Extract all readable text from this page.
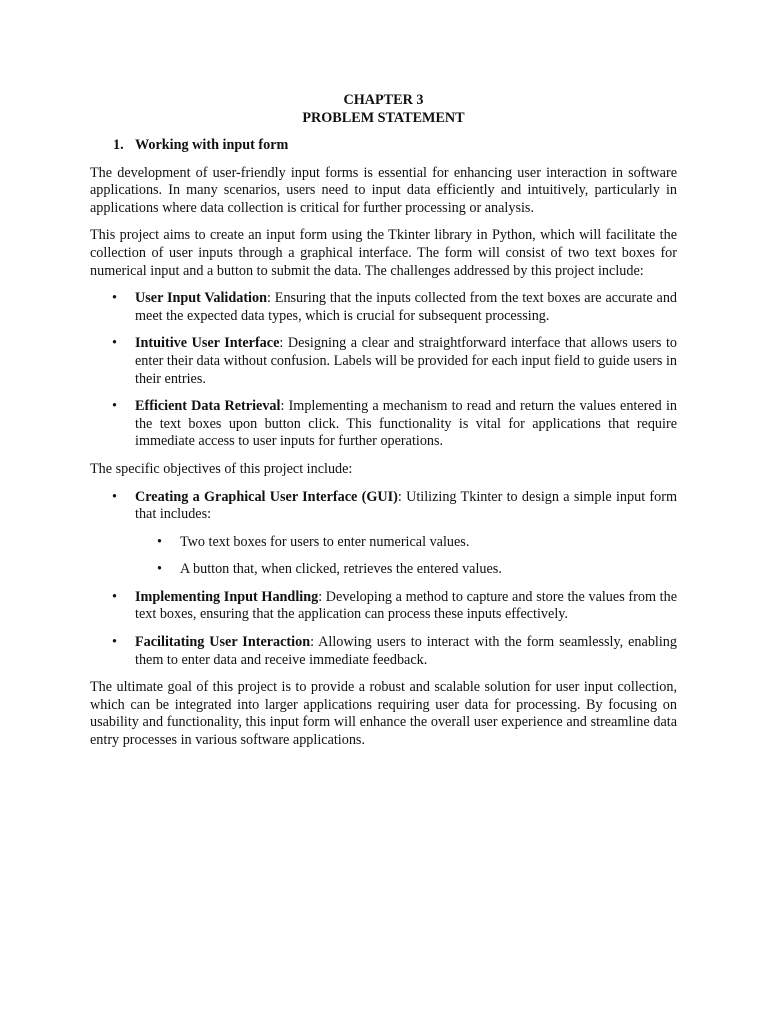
CHAPTER 3

PROBLEM STATEMENT

1. Working with input form

The development of user-friendly input forms is essential for enhancing user interaction in software applications. In many scenarios, users need to input data efficiently and intuitively, particularly in applications where data collection is critical for further processing or analysis.

This project aims to create an input form using the Tkinter library in Python, which will facilitate the collection of user inputs through a graphical interface. The form will consist of two text boxes for numerical input and a button to submit the data. The challenges addressed by this project include:

• User Input Validation: Ensuring that the inputs collected from the text boxes are accurate and meet the expected data types, which is crucial for subsequent processing.
• Intuitive User Interface: Designing a clear and straightforward interface that allows users to enter their data without confusion. Labels will be provided for each input field to guide users in their entries.
• Efficient Data Retrieval: Implementing a mechanism to read and return the values entered in the text boxes upon button click. This functionality is vital for applications that require immediate access to user inputs for further operations.

The specific objectives of this project include:

• Creating a Graphical User Interface (GUI): Utilizing Tkinter to design a simple input form that includes:
• Two text boxes for users to enter numerical values.
• A button that, when clicked, retrieves the entered values.
• Implementing Input Handling: Developing a method to capture and store the values from the text boxes, ensuring that the application can process these inputs effectively.
• Facilitating User Interaction: Allowing users to interact with the form seamlessly, enabling them to enter data and receive immediate feedback.

The ultimate goal of this project is to provide a robust and scalable solution for user input collection, which can be integrated into larger applications requiring user data for processing. By focusing on usability and functionality, this input form will enhance the overall user experience and streamline data entry processes in various software applications.
